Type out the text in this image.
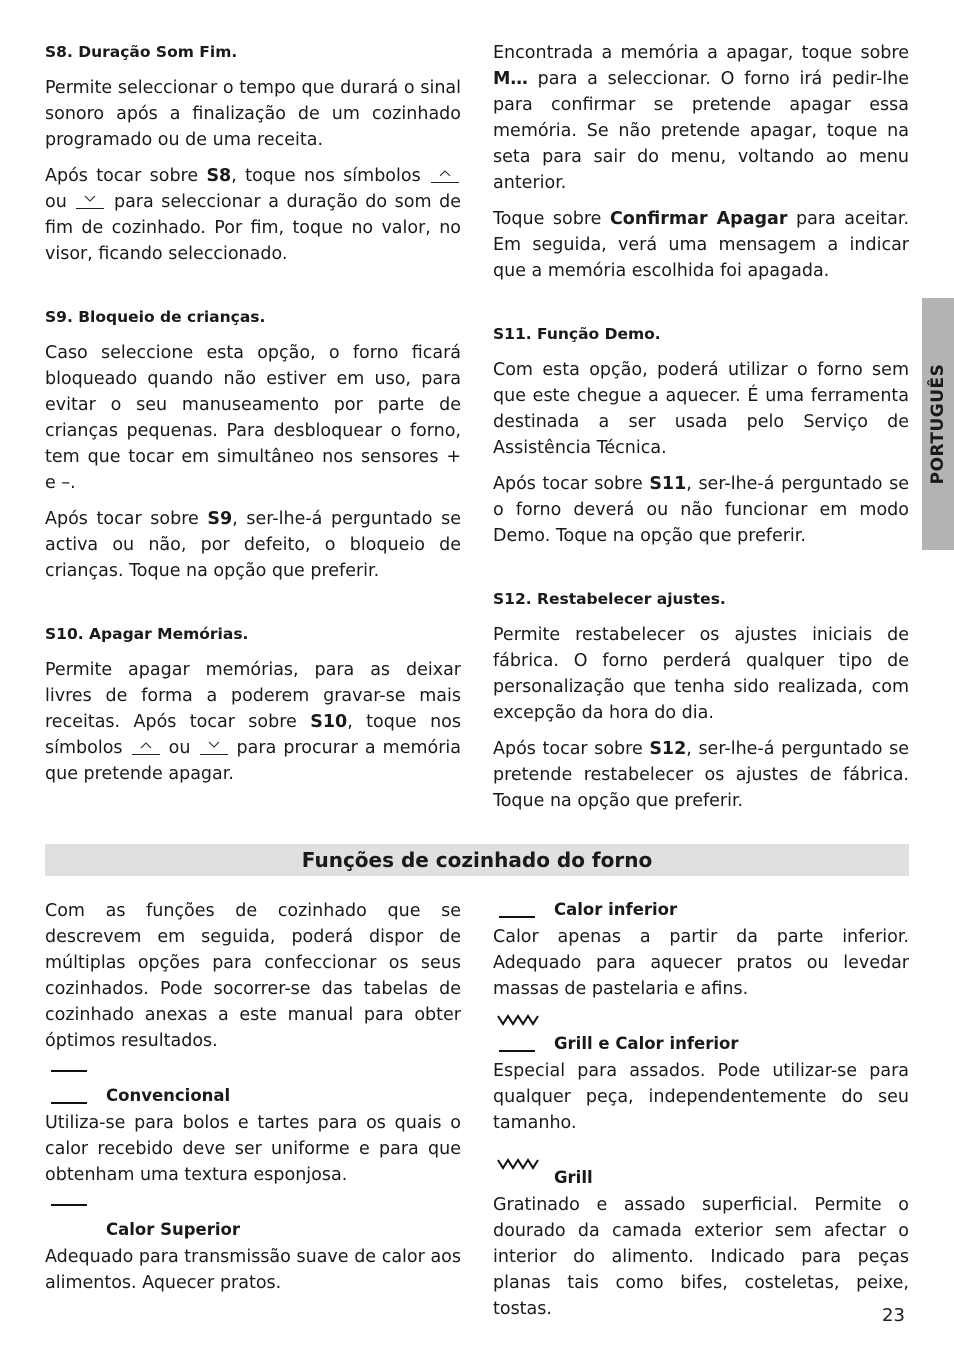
PORTUGUÊS
S8. Duração Som Fim.

Permite seleccionar o tempo que durará o sinal sonoro após a finalização de um cozinhado programado ou de uma receita.

Após tocar sobre S8, toque nos símbolos
ou
para seleccionar a duração do som de fim de cozinhado. Por fim, toque no valor, no visor, ficando seleccionado.

S9. Bloqueio de crianças.

Caso seleccione esta opção, o forno ficará bloqueado quando não estiver em uso, para evitar o seu manuseamento por parte de crianças pequenas. Para desbloquear o forno, tem que tocar em simultâneo nos sensores + e –.

Após tocar sobre S9, ser-lhe-á perguntado se activa ou não, por defeito, o bloqueio de crianças. Toque na opção que preferir.

S10. Apagar Memórias.

Permite apagar memórias, para as deixar livres de forma a poderem gravar-se mais receitas. Após tocar sobre S10, toque nos símbolos
ou
para procurar a memória que pretende apagar.

Encontrada a memória a apagar, toque sobre M… para a seleccionar. O forno irá pedir-lhe para confirmar se pretende apagar essa memória. Se não pretende apagar, toque na seta para sair do menu, voltando ao menu anterior.

Toque sobre Confirmar Apagar para aceitar. Em seguida, verá uma mensagem a indicar que a memória escolhida foi apagada.

S11. Função Demo.

Com esta opção, poderá utilizar o forno sem que este chegue a aquecer. É uma ferramenta destinada a ser usada pelo Serviço de Assistência Técnica.

Após tocar sobre S11, ser-lhe-á perguntado se o forno deverá ou não funcionar em modo Demo. Toque na opção que preferir.

S12. Restabelecer ajustes.

Permite restabelecer os ajustes iniciais de fábrica. O forno perderá qualquer tipo de personalização que tenha sido realizada, com excepção da hora do dia.

Após tocar sobre S12, ser-lhe-á perguntado se pretende restabelecer os ajustes de fábrica. Toque na opção que preferir.

Funções de cozinhado do forno

Com as funções de cozinhado que se descrevem em seguida, poderá dispor de múltiplas opções para confeccionar os seus cozinhados. Pode socorrer-se das tabelas de cozinhado anexas a este manual para obter óptimos resultados.

Convencional

Utiliza-se para bolos e tartes para os quais o calor recebido deve ser uniforme e para que obtenham uma textura esponjosa.

Calor Superior

Adequado para transmissão suave de calor aos alimentos. Aquecer pratos.

Calor inferior

Calor apenas a partir da parte inferior. Adequado para aquecer pratos ou levedar massas de pastelaria e afins.

Grill e Calor inferior

Especial para assados. Pode utilizar-se para qualquer peça, independentemente do seu tamanho.

Grill

Gratinado e assado superficial. Permite o dourado da camada exterior sem afectar o interior do alimento. Indicado para peças planas tais como bifes, costeletas, peixe, tostas.	23
